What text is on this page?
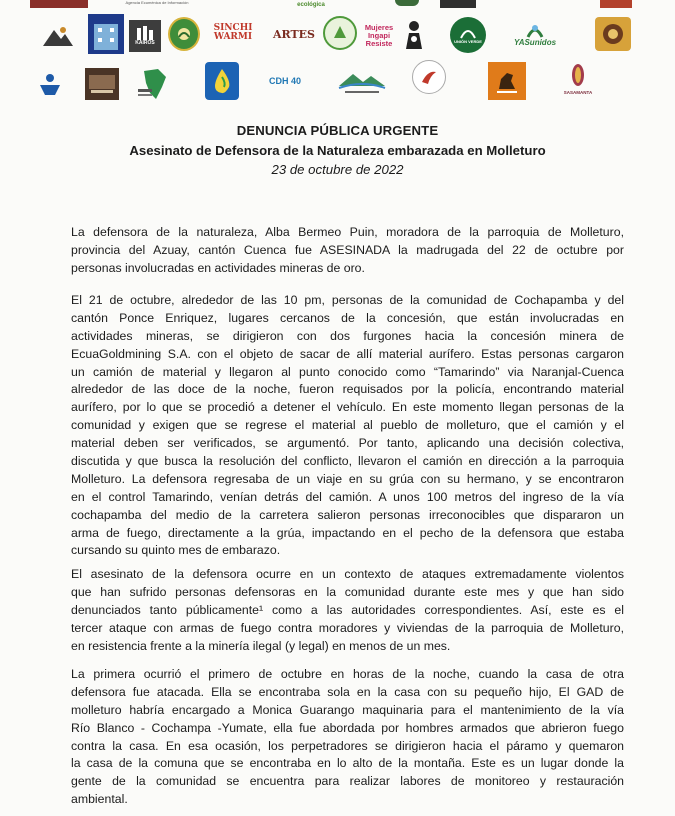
Agencia Ecuménica de Información	ecológica
KAIROS
SINCHI WARMI	ARTES
Mujeres Ingapi Resiste	UNIÓN VERDE	YASunidos
CDH 40
SASAMANTA
DENUNCIA PÚBLICA URGENTE
Asesinato de Defensora de la Naturaleza embarazada en Molleturo
23 de octubre de 2022
La defensora de la naturaleza, Alba Bermeo Puin, moradora de la parroquia de Molleturo,
provincia del Azuay, cantón Cuenca fue ASESINADA la madrugada del 22 de octubre por
personas involucradas en actividades mineras de oro.
El 21 de octubre, alrededor de las 10 pm, personas de la comunidad de Cochapamba y del
cantón Ponce Enriquez, lugares cercanos de la concesión, que están involucradas en
actividades mineras, se dirigieron con dos furgones hacia la concesión minera de
EcuaGoldmining S.A. con el objeto de sacar de allí material aurífero. Estas personas cargaron
un camión de material y llegaron al punto conocido como “Tamarindo” via Naranjal-Cuenca
alrededor de las doce de la noche, fueron requisados por la policía, encontrando material
aurífero, por lo que se procedió a detener el vehículo. En este momento llegan personas de la
comunidad y exigen que se regrese el material al pueblo de molleturo, que el camión y el
material deben ser verificados, se argumentó. Por tanto, aplicando una decisión colectiva,
discutida y que busca la resolución del conflicto, llevaron el camión en dirección a la parroquia
Molleturo. La defensora regresaba de un viaje en su grúa con su hermano, y se encontraron
en el control Tamarindo, venían detrás del camión. A unos 100 metros del ingreso de la vía
cochapamba del medio de la carretera salieron personas irreconocibles que dispararon un
arma de fuego, directamente a la grúa, impactando en el pecho de la defensora que estaba
cursando su quinto mes de embarazo.
El asesinato de la defensora ocurre en un contexto de ataques extremadamente violentos
que han sufrido personas defensoras en la comunidad durante este mes y que han sido
denunciados tanto públicamente¹ como a las autoridades correspondientes. Así, este es el
tercer ataque con armas de fuego contra moradores y viviendas de la parroquia de Molleturo,
en resistencia frente a la minería ilegal (y legal) en menos de un mes.
La primera ocurrió el primero de octubre en horas de la noche, cuando la casa de otra
defensora fue atacada. Ella se encontraba sola en la casa con su pequeño hijo, El GAD de
molleturo habría encargado a Monica Guarango maquinaria para el mantenimiento de la vía
Río Blanco - Cochampa -Yumate, ella fue abordada por hombres armados que abrieron fuego
contra la casa. En esa ocasión, los perpetradores se dirigieron hacia el páramo y quemaron
la casa de la comuna que se encontraba en lo alto de la montaña. Este es un lugar donde la
gente de la comunidad se encuentra para realizar labores de monitoreo y restauración
ambiental.
